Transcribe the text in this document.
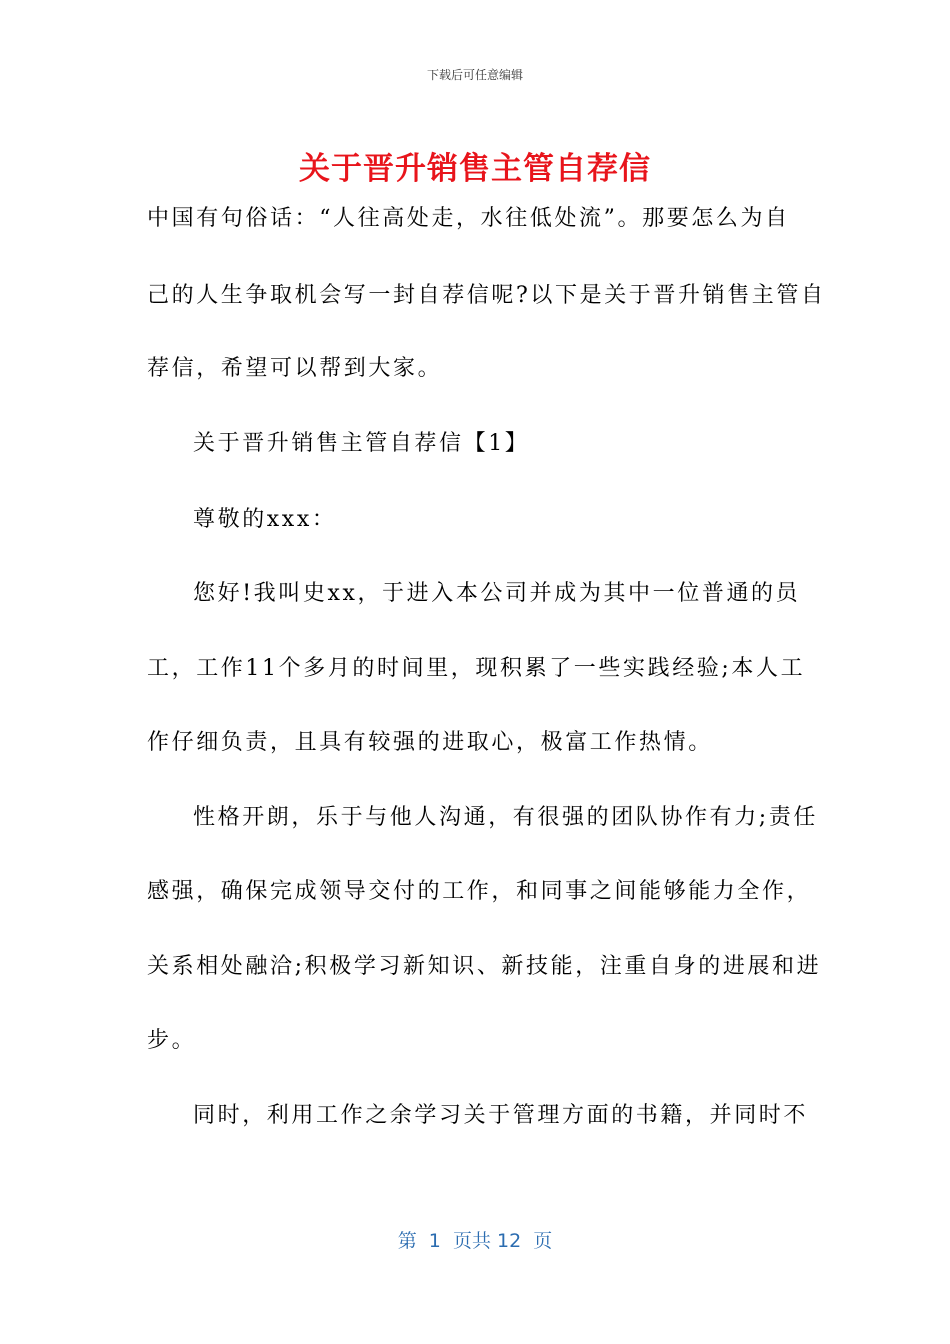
下载后可任意编辑
关于晋升销售主管自荐信
中国有句俗话：“人往高处走，水往低处流”。那要怎么为自
己的人生争取机会写一封自荐信呢?以下是关于晋升销售主管自
荐信，希望可以帮到大家。
关于晋升销售主管自荐信【1】
尊敬的xxx：
您好!我叫史xx，于进入本公司并成为其中一位普通的员
工，工作11个多月的时间里，现积累了一些实践经验;本人工
作仔细负责，且具有较强的进取心，极富工作热情。
性格开朗，乐于与他人沟通，有很强的团队协作有力;责任
感强，确保完成领导交付的工作，和同事之间能够能力全作，
关系相处融洽;积极学习新知识、新技能，注重自身的进展和进
步。
同时，利用工作之余学习关于管理方面的书籍，并同时不
第  1  页共 12  页
